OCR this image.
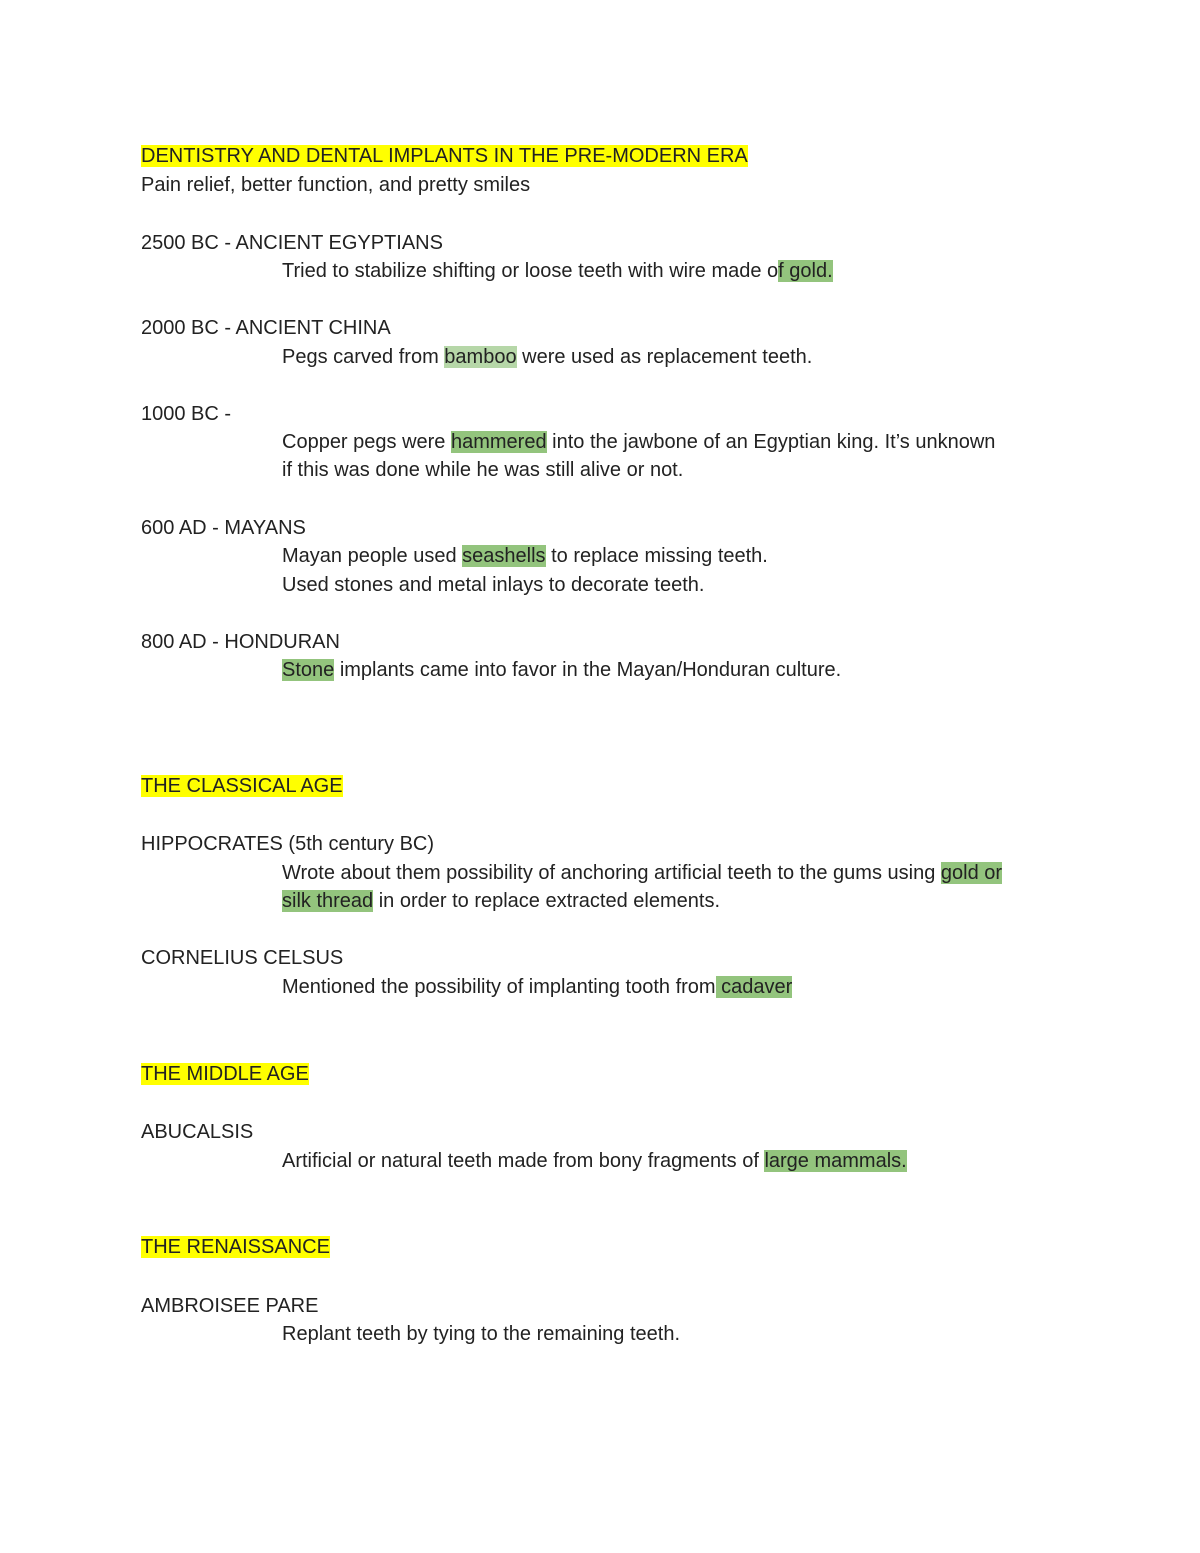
DENTISTRY AND DENTAL IMPLANTS IN THE PRE-MODERN ERA
Pain relief, better function, and pretty smiles
2500 BC - ANCIENT EGYPTIANS
Tried to stabilize shifting or loose teeth with wire made of gold.
2000 BC - ANCIENT CHINA
Pegs carved from bamboo were used as replacement teeth.
1000 BC -
Copper pegs were hammered into the jawbone of an Egyptian king. It’s unknown
if this was done while he was still alive or not.
600 AD - MAYANS
Mayan people used seashells to replace missing teeth.
Used stones and metal inlays to decorate teeth.
800 AD - HONDURAN
Stone implants came into favor in the Mayan/Honduran culture.
THE CLASSICAL AGE
HIPPOCRATES (5th century BC)
Wrote about them possibility of anchoring artificial teeth to the gums using gold or
silk thread in order to replace extracted elements.
CORNELIUS CELSUS
Mentioned the possibility of implanting tooth from cadaver
THE MIDDLE AGE
ABUCALSIS
Artificial or natural teeth made from bony fragments of large mammals.
THE RENAISSANCE
AMBROISEE PARE
Replant teeth by tying to the remaining teeth.
